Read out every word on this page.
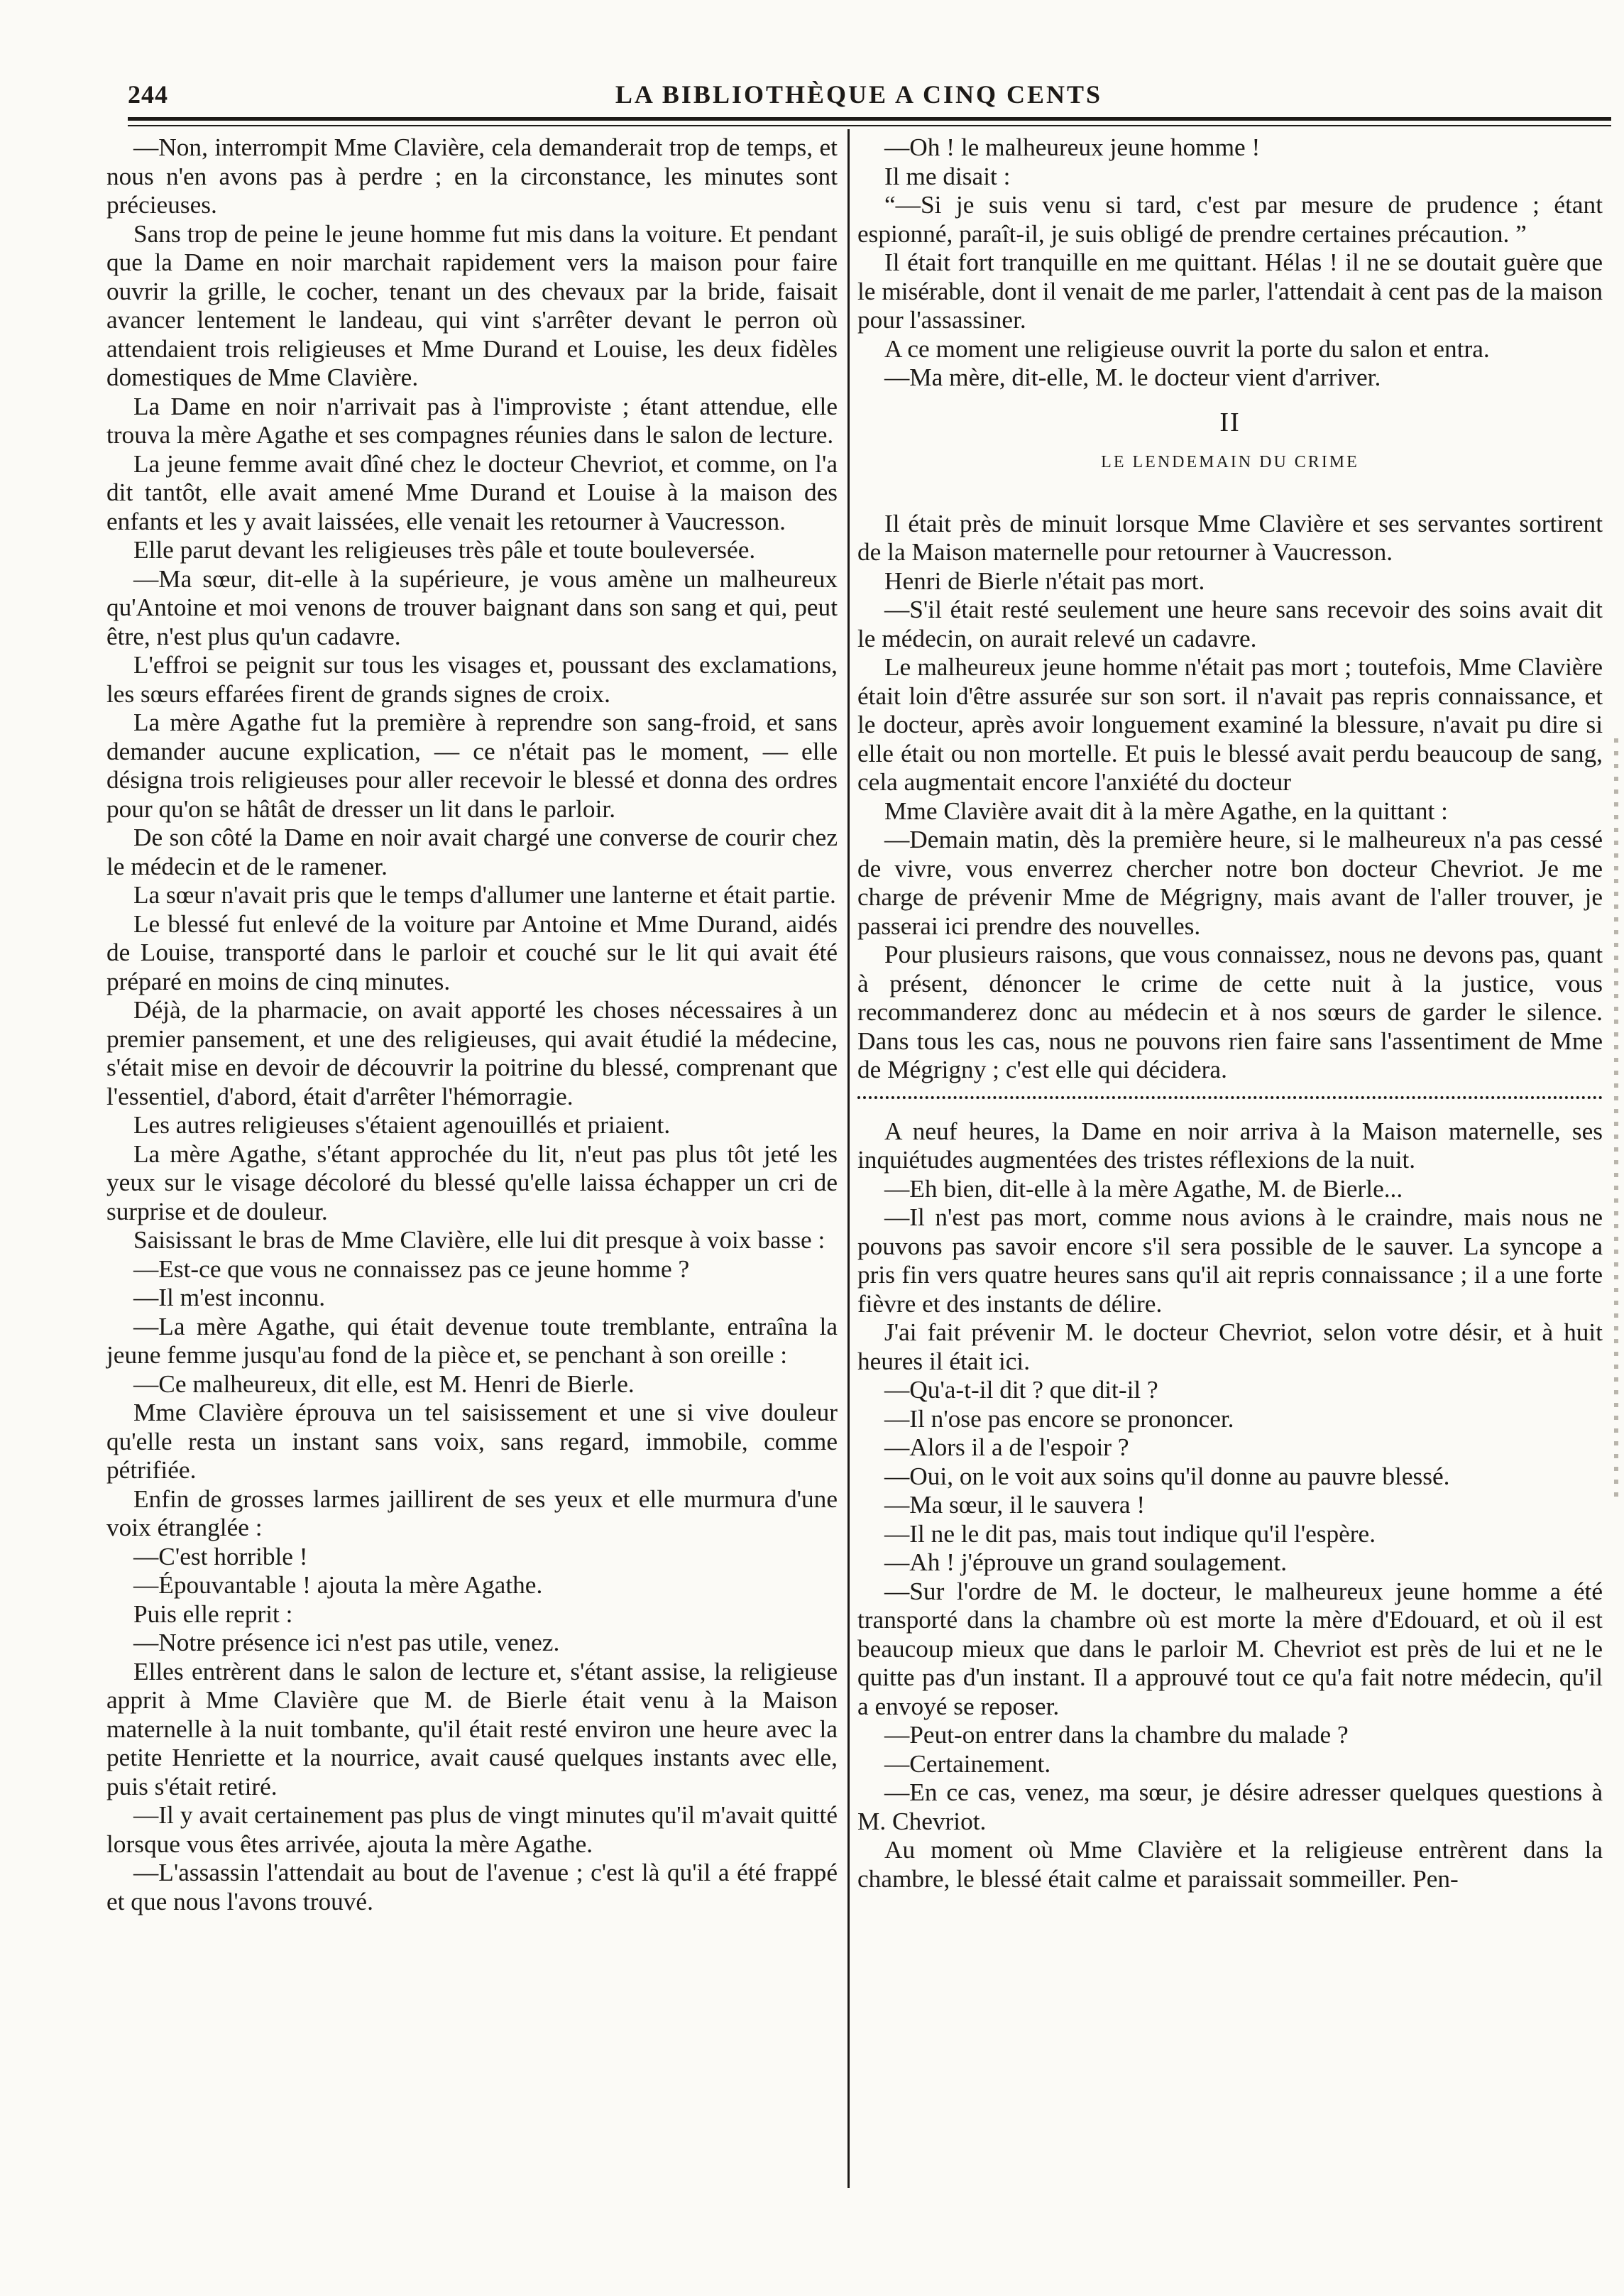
244	LA BIBLIOTHÈQUE A CINQ CENTS

—Non, interrompit Mme Clavière, cela demanderait trop de temps, et nous n'en avons pas à perdre ; en la circonstance, les minutes sont précieuses.

Sans trop de peine le jeune homme fut mis dans la voiture. Et pendant que la Dame en noir marchait rapidement vers la maison pour faire ouvrir la grille, le cocher, tenant un des chevaux par la bride, faisait avancer lentement le landeau, qui vint s'arrêter devant le perron où attendaient trois religieuses et Mme Durand et Louise, les deux fidèles domestiques de Mme Clavière.

La Dame en noir n'arrivait pas à l'improviste ; étant attendue, elle trouva la mère Agathe et ses compagnes réunies dans le salon de lecture.

La jeune femme avait dîné chez le docteur Chevriot, et comme, on l'a dit tantôt, elle avait amené Mme Durand et Louise à la maison des enfants et les y avait laissées, elle venait les retourner à Vaucresson.

Elle parut devant les religieuses très pâle et toute bouleversée.

—Ma sœur, dit-elle à la supérieure, je vous amène un malheureux qu'Antoine et moi venons de trouver baignant dans son sang et qui, peut être, n'est plus qu'un cadavre.

L'effroi se peignit sur tous les visages et, poussant des exclamations, les sœurs effarées firent de grands signes de croix.

La mère Agathe fut la première à reprendre son sang-froid, et sans demander aucune explication, — ce n'était pas le moment, — elle désigna trois religieuses pour aller recevoir le blessé et donna des ordres pour qu'on se hâtât de dresser un lit dans le parloir.

De son côté la Dame en noir avait chargé une converse de courir chez le médecin et de le ramener.

La sœur n'avait pris que le temps d'allumer une lanterne et était partie.

Le blessé fut enlevé de la voiture par Antoine et Mme Durand, aidés de Louise, transporté dans le parloir et couché sur le lit qui avait été préparé en moins de cinq minutes.

Déjà, de la pharmacie, on avait apporté les choses nécessaires à un premier pansement, et une des religieuses, qui avait étudié la médecine, s'était mise en devoir de découvrir la poitrine du blessé, comprenant que l'essentiel, d'abord, était d'arrêter l'hémorragie.

Les autres religieuses s'étaient agenouillés et priaient.

La mère Agathe, s'étant approchée du lit, n'eut pas plus tôt jeté les yeux sur le visage décoloré du blessé qu'elle laissa échapper un cri de surprise et de douleur.

Saisissant le bras de Mme Clavière, elle lui dit presque à voix basse :

—Est-ce que vous ne connaissez pas ce jeune homme ?

—Il m'est inconnu.

—La mère Agathe, qui était devenue toute tremblante, entraîna la jeune femme jusqu'au fond de la pièce et, se penchant à son oreille :

—Ce malheureux, dit elle, est M. Henri de Bierle.

Mme Clavière éprouva un tel saisissement et une si vive douleur qu'elle resta un instant sans voix, sans regard, immobile, comme pétrifiée.

Enfin de grosses larmes jaillirent de ses yeux et elle murmura d'une voix étranglée :

—C'est horrible !

—Épouvantable ! ajouta la mère Agathe.

Puis elle reprit :

—Notre présence ici n'est pas utile, venez.

Elles entrèrent dans le salon de lecture et, s'étant assise, la religieuse apprit à Mme Clavière que M. de Bierle était venu à la Maison maternelle à la nuit tombante, qu'il était resté environ une heure avec la petite Henriette et la nourrice, avait causé quelques instants avec elle, puis s'était retiré.

—Il y avait certainement pas plus de vingt minutes qu'il m'avait quitté lorsque vous êtes arrivée, ajouta la mère Agathe.

—L'assassin l'attendait au bout de l'avenue ; c'est là qu'il a été frappé et que nous l'avons trouvé.

—Oh ! le malheureux jeune homme !

Il me disait :

“—Si je suis venu si tard, c'est par mesure de prudence ; étant espionné, paraît-il, je suis obligé de prendre certaines précaution. ”

Il était fort tranquille en me quittant. Hélas ! il ne se doutait guère que le misérable, dont il venait de me parler, l'attendait à cent pas de la maison pour l'assassiner.

A ce moment une religieuse ouvrit la porte du salon et entra.

—Ma mère, dit-elle, M. le docteur vient d'arriver.

II
LE LENDEMAIN DU CRIME

Il était près de minuit lorsque Mme Clavière et ses servantes sortirent de la Maison maternelle pour retourner à Vaucresson.

Henri de Bierle n'était pas mort.

—S'il était resté seulement une heure sans recevoir des soins avait dit le médecin, on aurait relevé un cadavre.

Le malheureux jeune homme n'était pas mort ; toutefois, Mme Clavière était loin d'être assurée sur son sort. il n'avait pas repris connaissance, et le docteur, après avoir longuement examiné la blessure, n'avait pu dire si elle était ou non mortelle. Et puis le blessé avait perdu beaucoup de sang, cela augmentait encore l'anxiété du docteur

Mme Clavière avait dit à la mère Agathe, en la quittant :

—Demain matin, dès la première heure, si le malheureux n'a pas cessé de vivre, vous enverrez chercher notre bon docteur Chevriot. Je me charge de prévenir Mme de Mégrigny, mais avant de l'aller trouver, je passerai ici prendre des nouvelles.

Pour plusieurs raisons, que vous connaissez, nous ne devons pas, quant à présent, dénoncer le crime de cette nuit à la justice, vous recommanderez donc au médecin et à nos sœurs de garder le silence. Dans tous les cas, nous ne pouvons rien faire sans l'assentiment de Mme de Mégrigny ; c'est elle qui décidera.

A neuf heures, la Dame en noir arriva à la Maison maternelle, ses inquiétudes augmentées des tristes réflexions de la nuit.

—Eh bien, dit-elle à la mère Agathe, M. de Bierle...

—Il n'est pas mort, comme nous avions à le craindre, mais nous ne pouvons pas savoir encore s'il sera possible de le sauver. La syncope a pris fin vers quatre heures sans qu'il ait repris connaissance ; il a une forte fièvre et des instants de délire.

J'ai fait prévenir M. le docteur Chevriot, selon votre désir, et à huit heures il était ici.

—Qu'a-t-il dit ? que dit-il ?

—Il n'ose pas encore se prononcer.

—Alors il a de l'espoir ?

—Oui, on le voit aux soins qu'il donne au pauvre blessé.

—Ma sœur, il le sauvera !

—Il ne le dit pas, mais tout indique qu'il l'espère.

—Ah ! j'éprouve un grand soulagement.

—Sur l'ordre de M. le docteur, le malheureux jeune homme a été transporté dans la chambre où est morte la mère d'Edouard, et où il est beaucoup mieux que dans le parloir M. Chevriot est près de lui et ne le quitte pas d'un instant. Il a approuvé tout ce qu'a fait notre médecin, qu'il a envoyé se reposer.

—Peut-on entrer dans la chambre du malade ?

—Certainement.

—En ce cas, venez, ma sœur, je désire adresser quelques questions à M. Chevriot.

Au moment où Mme Clavière et la religieuse entrèrent dans la chambre, le blessé était calme et paraissait sommeiller. Pen-
